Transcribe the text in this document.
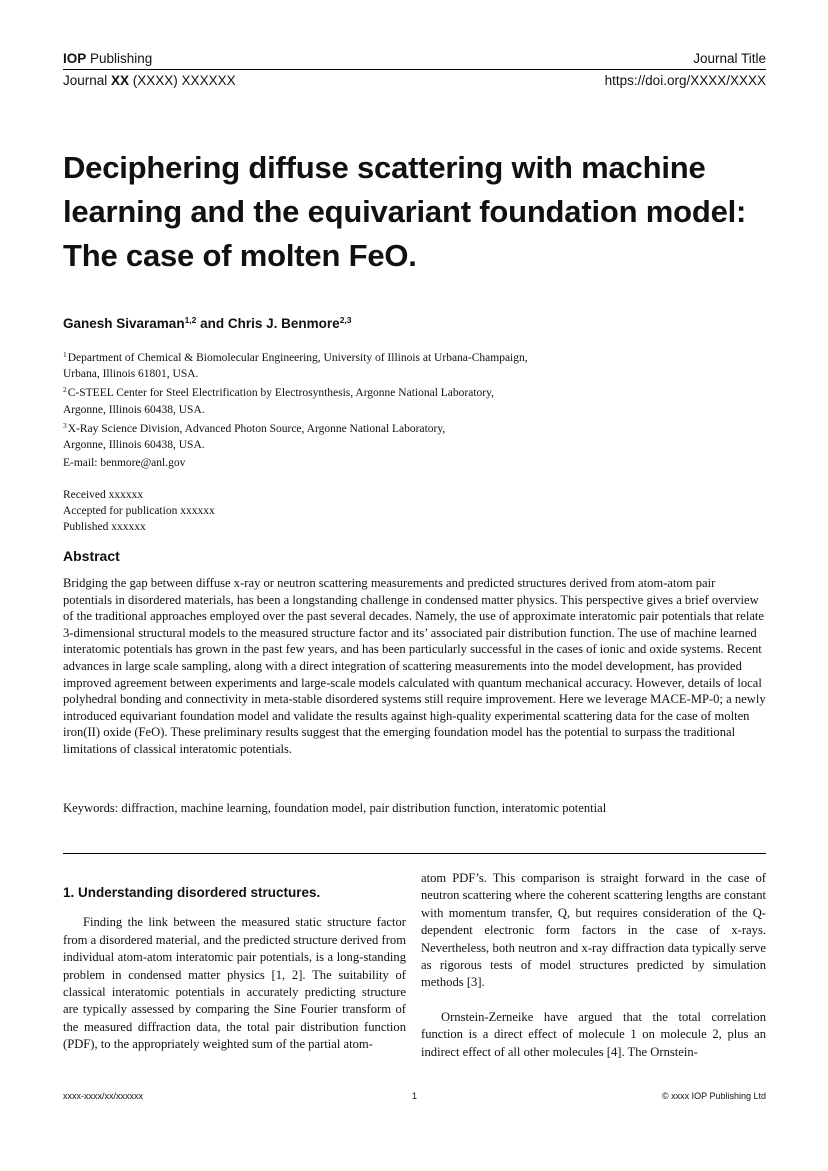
IOP Publishing	Journal Title
Journal XX (XXXX) XXXXXX	https://doi.org/XXXX/XXXX
Deciphering diffuse scattering with machine learning and the equivariant foundation model: The case of molten FeO.
Ganesh Sivaraman$^{1,2}$ and Chris J. Benmore$^{2,3}$
$^1$Department of Chemical & Biomolecular Engineering, University of Illinois at Urbana-Champaign,
Urbana, Illinois 61801, USA.
$^2$C-STEEL Center for Steel Electrification by Electrosynthesis, Argonne National Laboratory,
Argonne, Illinois 60438, USA.
$^3$X-Ray Science Division, Advanced Photon Source, Argonne National Laboratory,
Argonne, Illinois 60438, USA.
E-mail: benmore@anl.gov
Received xxxxxx
Accepted for publication xxxxxx
Published xxxxxx
Abstract
Bridging the gap between diffuse x-ray or neutron scattering measurements and predicted structures derived from atom-atom pair potentials in disordered materials, has been a longstanding challenge in condensed matter physics. This perspective gives a brief overview of the traditional approaches employed over the past several decades. Namely, the use of approximate interatomic pair potentials that relate 3-dimensional structural models to the measured structure factor and its’ associated pair distribution function. The use of machine learned interatomic potentials has grown in the past few years, and has been particularly successful in the cases of ionic and oxide systems. Recent advances in large scale sampling, along with a direct integration of scattering measurements into the model development, has provided improved agreement between experiments and large-scale models calculated with quantum mechanical accuracy. However, details of local polyhedral bonding and connectivity in meta-stable disordered systems still require improvement. Here we leverage MACE-MP-0; a newly introduced equivariant foundation model and validate the results against high-quality experimental scattering data for the case of molten iron(II) oxide (FeO). These preliminary results suggest that the emerging foundation model has the potential to surpass the traditional limitations of classical interatomic potentials.
Keywords: diffraction, machine learning, foundation model, pair distribution function, interatomic potential

1. Understanding disordered structures.

Finding the link between the measured static structure factor from a disordered material, and the predicted structure derived from individual atom-atom interatomic pair potentials, is a long-standing problem in condensed matter physics [1, 2]. The suitability of classical interatomic potentials in accurately predicting structure are typically assessed by comparing the Sine Fourier transform of the measured diffraction data, the total pair distribution function (PDF), to the appropriately weighted sum of the partial atom-

atom PDF’s. This comparison is straight forward in the case of neutron scattering where the coherent scattering lengths are constant with momentum transfer, Q, but requires consideration of the Q-dependent electronic form factors in the case of x-rays. Nevertheless, both neutron and x-ray diffraction data typically serve as rigorous tests of model structures predicted by simulation methods [3].

Ornstein-Zerneike have argued that the total correlation function is a direct effect of molecule 1 on molecule 2, plus an indirect effect of all other molecules [4]. The Ornstein-

xxxx-xxxx/xx/xxxxxx	1	© xxxx IOP Publishing Ltd
